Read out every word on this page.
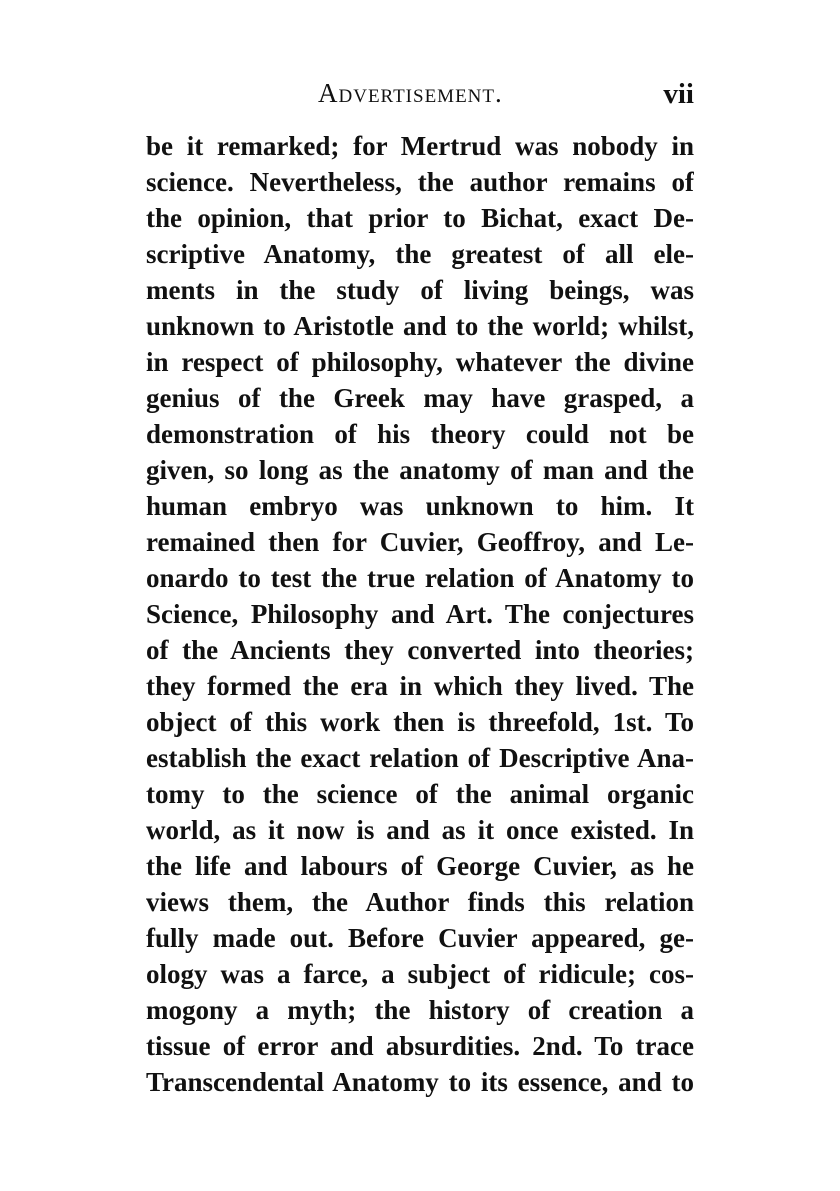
Advertisement.	vii
be it remarked; for Mertrud was nobody in
science. Nevertheless, the author remains of
the opinion, that prior to Bichat, exact De-
scriptive Anatomy, the greatest of all ele-
ments in the study of living beings, was
unknown to Aristotle and to the world; whilst,
in respect of philosophy, whatever the divine
genius of the Greek may have grasped, a
demonstration of his theory could not be
given, so long as the anatomy of man and the
human embryo was unknown to him. It
remained then for Cuvier, Geoffroy, and Le-
onardo to test the true relation of Anatomy to
Science, Philosophy and Art. The conjectures
of the Ancients they converted into theories;
they formed the era in which they lived. The
object of this work then is threefold, 1st. To
establish the exact relation of Descriptive Ana-
tomy to the science of the animal organic
world, as it now is and as it once existed. In
the life and labours of George Cuvier, as he
views them, the Author finds this relation
fully made out. Before Cuvier appeared, ge-
ology was a farce, a subject of ridicule; cos-
mogony a myth; the history of creation a
tissue of error and absurdities. 2nd. To trace
Transcendental Anatomy to its essence, and to
